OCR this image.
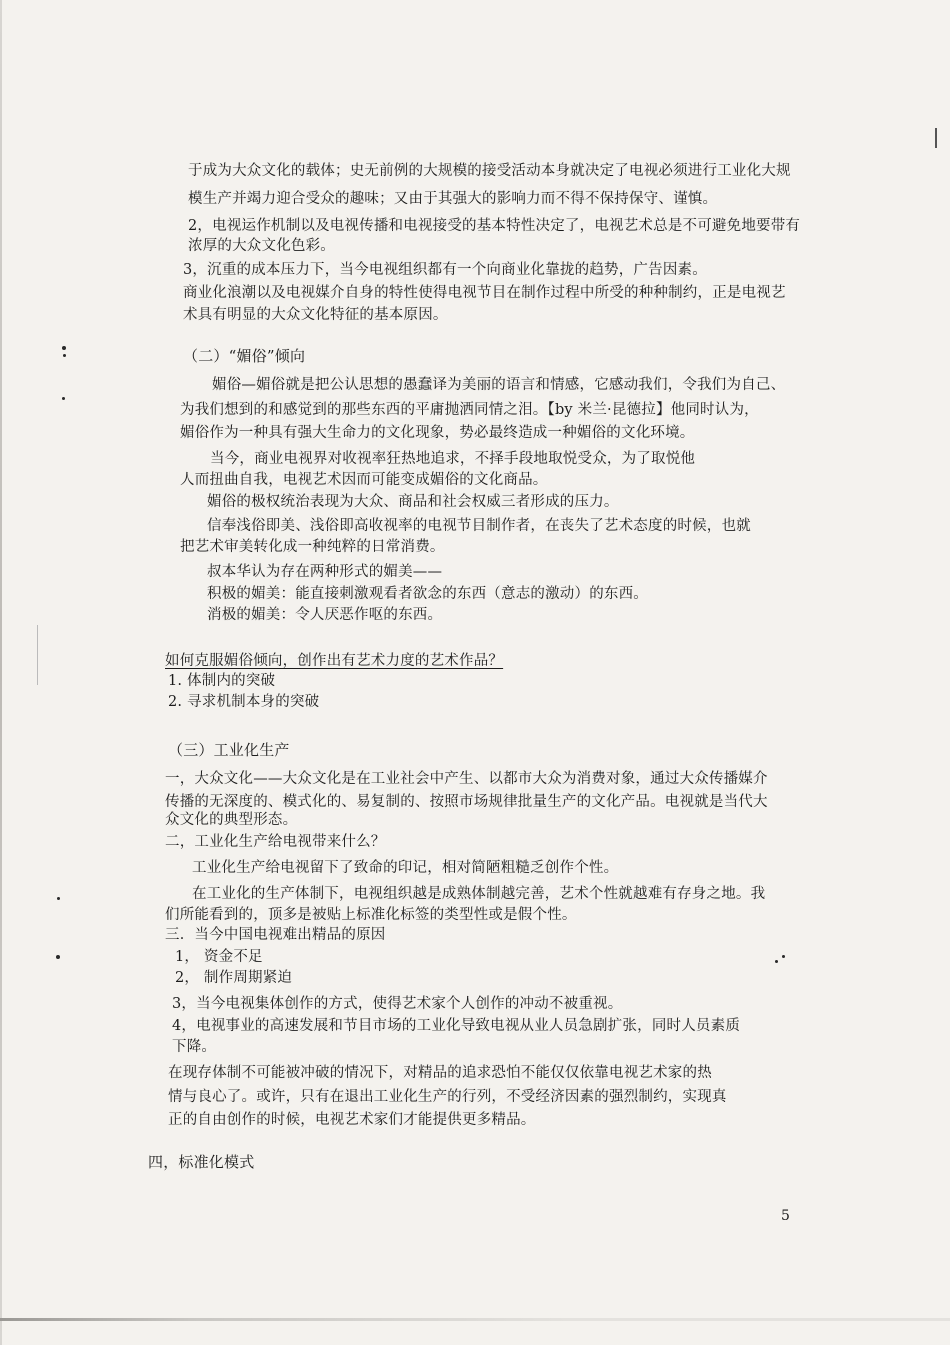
于成为大众文化的载体；史无前例的大规模的接受活动本身就决定了电视必须进行工业化大规
模生产并竭力迎合受众的趣味；又由于其强大的影响力而不得不保持保守、谨慎。
2，电视运作机制以及电视传播和电视接受的基本特性决定了，电视艺术总是不可避免地要带有
浓厚的大众文化色彩。
3，沉重的成本压力下，当今电视组织都有一个向商业化靠拢的趋势，广告因素。
商业化浪潮以及电视媒介自身的特性使得电视节目在制作过程中所受的种种制约，正是电视艺
术具有明显的大众文化特征的基本原因。
（二）“媚俗”倾向
媚俗—媚俗就是把公认思想的愚蠢译为美丽的语言和情感，它感动我们，令我们为自己、
为我们想到的和感觉到的那些东西的平庸抛洒同情之泪。【by 米兰·昆德拉】他同时认为，
媚俗作为一种具有强大生命力的文化现象，势必最终造成一种媚俗的文化环境。
当今，商业电视界对收视率狂热地追求，不择手段地取悦受众，为了取悦他
人而扭曲自我，电视艺术因而可能变成媚俗的文化商品。
媚俗的极权统治表现为大众、商品和社会权威三者形成的压力。
信奉浅俗即美、浅俗即高收视率的电视节目制作者，在丧失了艺术态度的时候，也就
把艺术审美转化成一种纯粹的日常消费。
叔本华认为存在两种形式的媚美——
积极的媚美：能直接刺激观看者欲念的东西（意志的激动）的东西。
消极的媚美：令人厌恶作呕的东西。
如何克服媚俗倾向，创作出有艺术力度的艺术作品？
1. 体制内的突破
2. 寻求机制本身的突破
（三）工业化生产
一，大众文化——大众文化是在工业社会中产生、以都市大众为消费对象，通过大众传播媒介
传播的无深度的、模式化的、易复制的、按照市场规律批量生产的文化产品。电视就是当代大
众文化的典型形态。
二，工业化生产给电视带来什么？
工业化生产给电视留下了致命的印记，相对简陋粗糙乏创作个性。
在工业化的生产体制下，电视组织越是成熟体制越完善，艺术个性就越难有存身之地。我
们所能看到的，顶多是被贴上标准化标签的类型性或是假个性。
三．当今中国电视难出精品的原因
1， 资金不足
2， 制作周期紧迫
3，当今电视集体创作的方式，使得艺术家个人创作的冲动不被重视。
4，电视事业的高速发展和节目市场的工业化导致电视从业人员急剧扩张，同时人员素质
下降。
在现存体制不可能被冲破的情况下，对精品的追求恐怕不能仅仅依靠电视艺术家的热
情与良心了。或许，只有在退出工业化生产的行列，不受经济因素的强烈制约，实现真
正的自由创作的时候，电视艺术家们才能提供更多精品。
四，标准化模式
5
